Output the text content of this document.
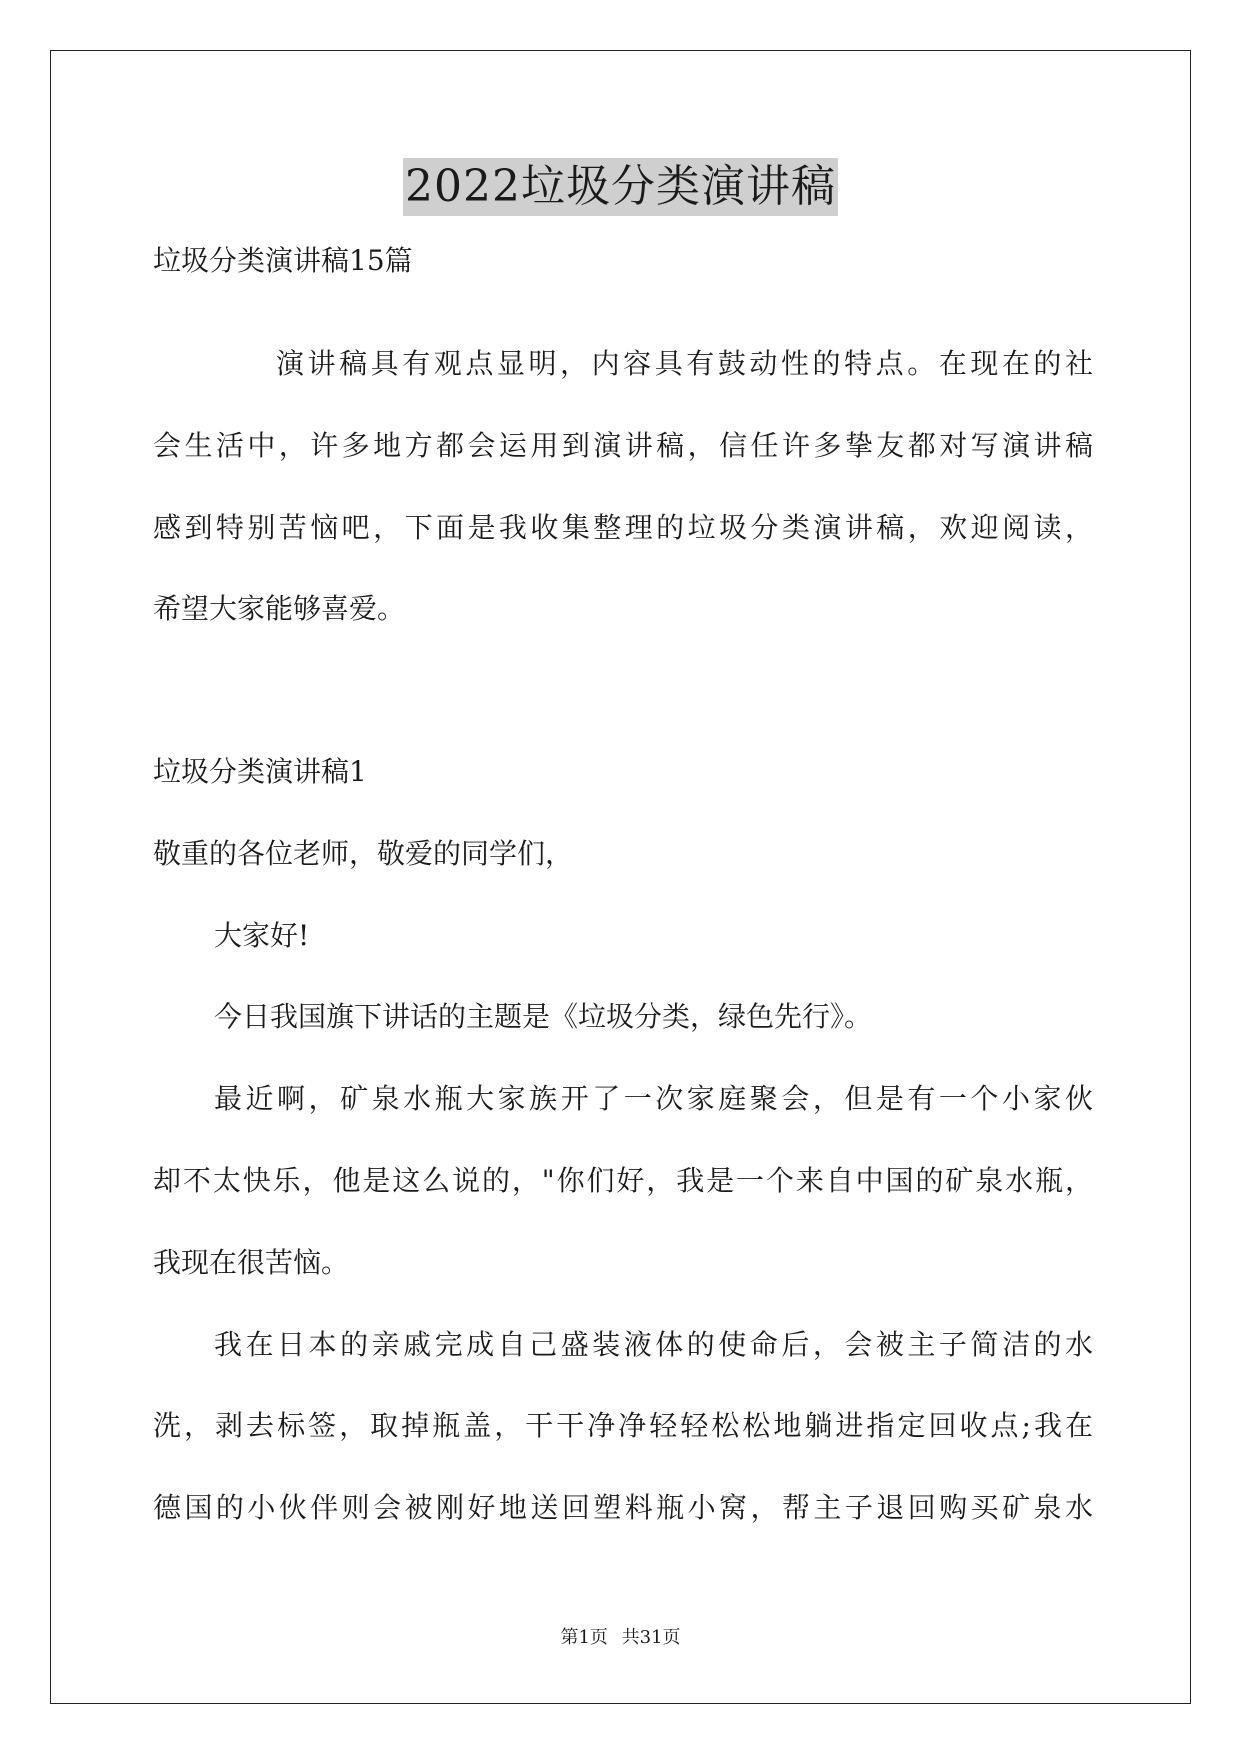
2022垃圾分类演讲稿
垃圾分类演讲稿15篇
演讲稿具有观点显明，内容具有鼓动性的特点。在现在的社
会生活中，许多地方都会运用到演讲稿，信任许多挚友都对写演讲稿
感到特别苦恼吧，下面是我收集整理的垃圾分类演讲稿，欢迎阅读，
希望大家能够喜爱。
垃圾分类演讲稿1
敬重的各位老师，敬爱的同学们，
大家好!
今日我国旗下讲话的主题是《垃圾分类，绿色先行》。
最近啊，矿泉水瓶大家族开了一次家庭聚会，但是有一个小家伙
却不太快乐，他是这么说的，"你们好，我是一个来自中国的矿泉水瓶，
我现在很苦恼。
我在日本的亲戚完成自己盛装液体的使命后，会被主子简洁的水
洗，剥去标签，取掉瓶盖，干干净净轻轻松松地躺进指定回收点;我在
德国的小伙伴则会被刚好地送回塑料瓶小窝，帮主子退回购买矿泉水
第1页 共31页
